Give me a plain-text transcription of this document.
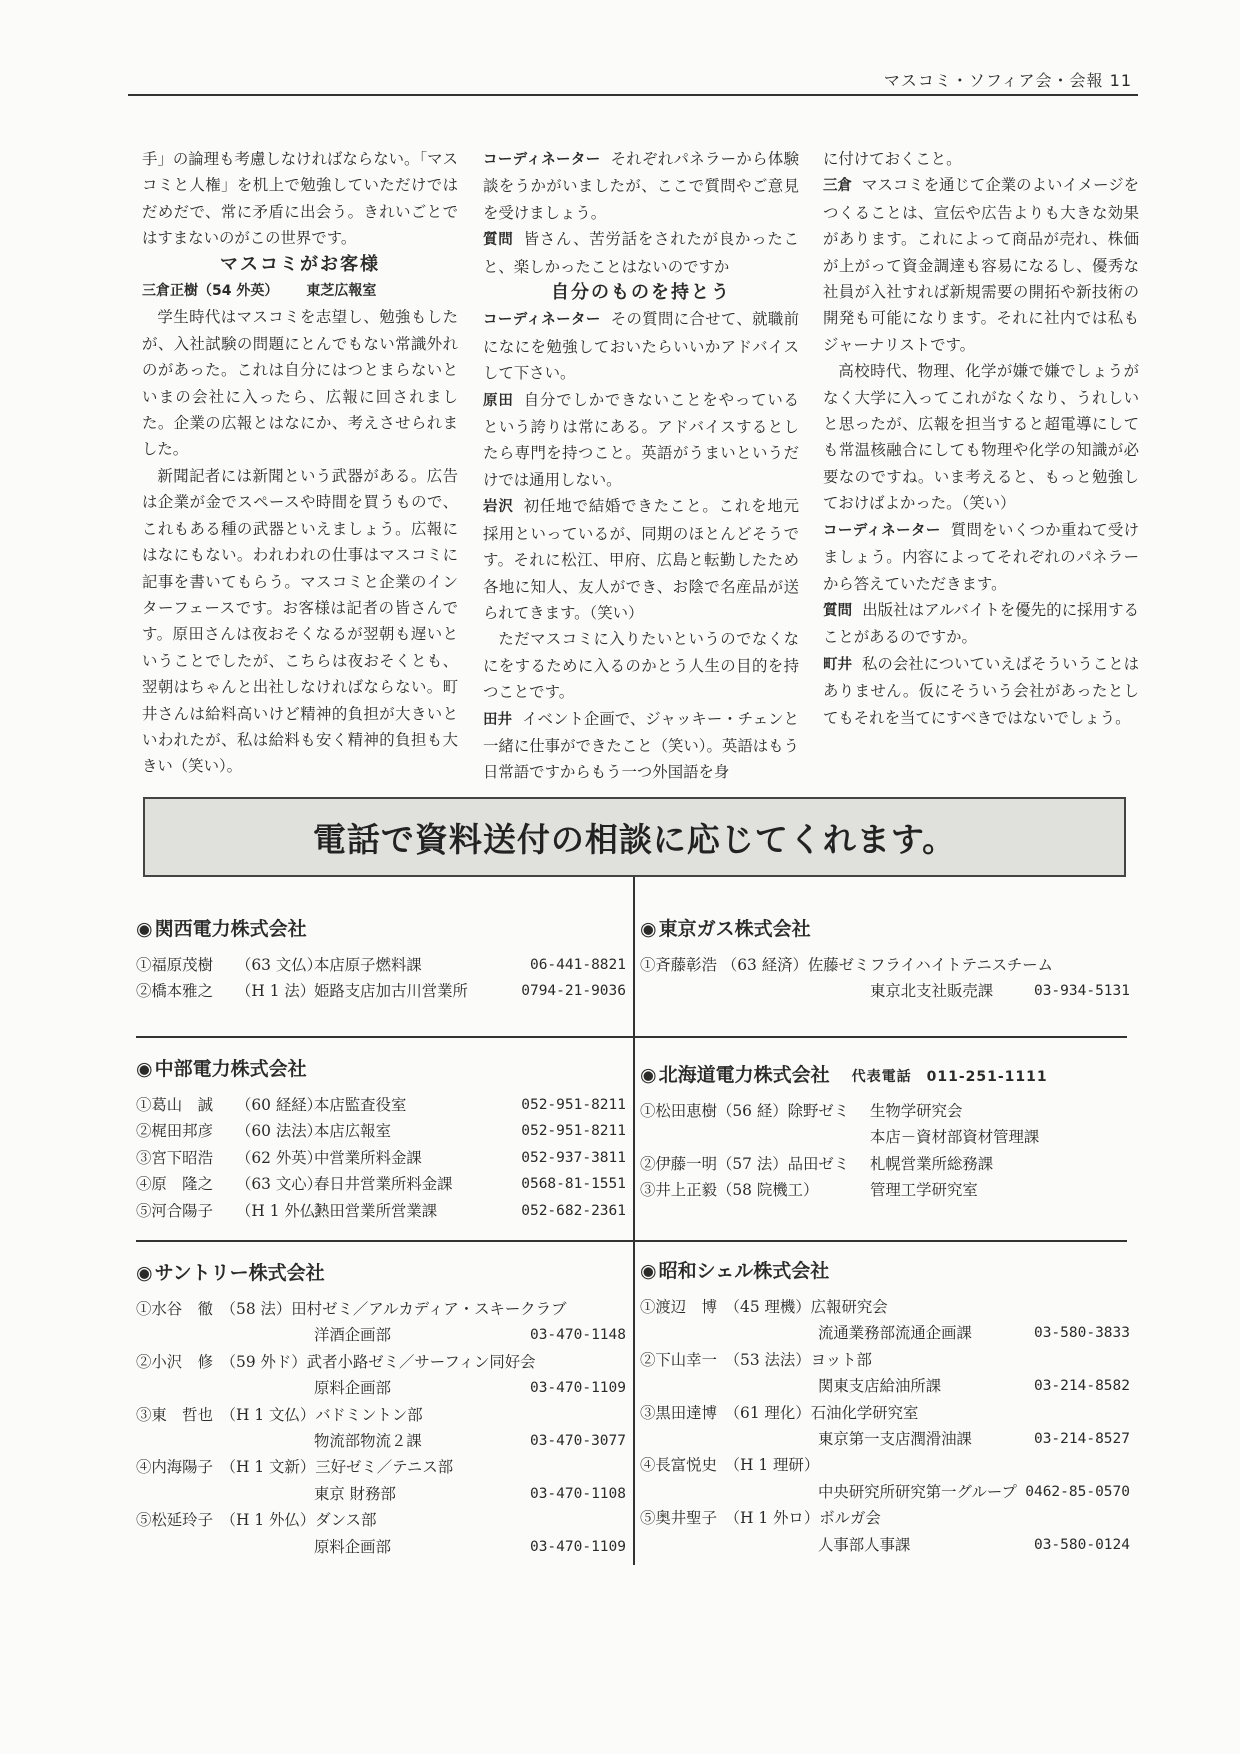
マスコミ・ソフィア会・会報 11

手」の論理も考慮しなければならない。「マスコミと人権」を机上で勉強していただけではだめだで、常に矛盾に出会う。きれいごとではすまないのがこの世界です。

マスコミがお客様

三倉正樹（54 外英） 東芝広報室

学生時代はマスコミを志望し、勉強もしたが、入社試験の問題にとんでもない常識外れのがあった。これは自分にはつとまらないといまの会社に入ったら、広報に回されました。企業の広報とはなにか、考えさせられました。

新聞記者には新聞という武器がある。広告は企業が金でスペースや時間を買うもので、これもある種の武器といえましょう。広報にはなにもない。われわれの仕事はマスコミに記事を書いてもらう。マスコミと企業のインターフェースです。お客様は記者の皆さんです。原田さんは夜おそくなるが翌朝も遅いということでしたが、こちらは夜おそくとも、翌朝はちゃんと出社しなければならない。町井さんは給料高いけど精神的負担が大きいといわれたが、私は給料も安く精神的負担も大きい（笑い）。

コーディネーター それぞれパネラーから体験談をうかがいましたが、ここで質問やご意見を受けましょう。

質問 皆さん、苦労話をされたが良かったこと、楽しかったことはないのですか

自分のものを持とう

コーディネーター その質問に合せて、就職前になにを勉強しておいたらいいかアドバイスして下さい。

原田 自分でしかできないことをやっているという誇りは常にある。アドバイスするとしたら専門を持つこと。英語がうまいというだけでは通用しない。

岩沢 初任地で結婚できたこと。これを地元採用といっているが、同期のほとんどそうです。それに松江、甲府、広島と転勤したため各地に知人、友人ができ、お陰で名産品が送られてきます。（笑い）

ただマスコミに入りたいというのでなくなにをするために入るのかとう人生の目的を持つことです。

田井 イベント企画で、ジャッキー・チェンと一緒に仕事ができたこと（笑い）。英語はもう日常語ですからもう一つ外国語を身

に付けておくこと。

三倉 マスコミを通じて企業のよいイメージをつくることは、宣伝や広告よりも大きな効果があります。これによって商品が売れ、株価が上がって資金調達も容易になるし、優秀な社員が入社すれば新規需要の開拓や新技術の開発も可能になります。それに社内では私もジャーナリストです。

高校時代、物理、化学が嫌で嫌でしょうがなく大学に入ってこれがなくなり、うれしいと思ったが、広報を担当すると超電導にしても常温核融合にしても物理や化学の知識が必要なのですね。いま考えると、もっと勉強しておけばよかった。（笑い）

コーディネーター 質問をいくつか重ねて受けましょう。内容によってそれぞれのパネラーから答えていただきます。

質問 出版社はアルバイトを優先的に採用することがあるのですか。

町井 私の会社についていえばそういうことはありません。仮にそういう会社があったとしてもそれを当てにすべきではないでしょう。

電話で資料送付の相談に応じてくれます。
◉ 関西電力株式会社
①福原茂樹	（63 文仏）
本店原子燃料課	06-441-8821
②橋本雅之	（H 1 法）
姫路支店加古川営業所	0794-21-9036
◉ 東京ガス株式会社
①斉藤彰浩 （63 経済）佐藤ゼミ フライハイトテニスチーム
東京北支社販売課	03-934-5131
◉ 中部電力株式会社
①葛山　誠	（60 経経）
本店監査役室	052-951-8211
②梶田邦彦	（60 法法）
本店広報室	052-951-8211
③宮下昭浩	（62 外英）
中営業所料金課	052-937-3811
④原　隆之	（63 文心）
春日井営業所料金課	0568-81-1551
⑤河合陽子	（H 1 外仏）
熱田営業所営業課	052-682-2361
◉ 北海道電力株式会社 代表電話　 011-251-1111
①松田恵樹（56 経）除野ゼミ	生物学研究会
本店－資材部資材管理課
②伊藤一明（57 法）品田ゼミ	札幌営業所総務課
③井上正毅（58 院機工）	管理工学研究室
◉ サントリー株式会社
①水谷　徹　（58 法）田村ゼミ／アルカディア・スキークラブ
洋酒企画部	03-470-1148
②小沢　修　（59 外ド）武者小路ゼミ／サーフィン同好会
原料企画部	03-470-1109
③東　哲也　（H 1 文仏）バドミントン部
物流部物流２課	03-470-3077
④内海陽子　（H 1 文新）三好ゼミ／テニス部
東京 財務部	03-470-1108
⑤松延玲子　（H 1 外仏）ダンス部
原料企画部	03-470-1109
◉ 昭和シェル株式会社
①渡辺　博　（45 理機）広報研究会
流通業務部流通企画課	03-580-3833
②下山幸一　（53 法法）ヨット部
関東支店給油所課	03-214-8582
③黒田達博　（61 理化）石油化学研究室
東京第一支店潤滑油課	03-214-8527
④長富悦史　（H 1 理研）
中央研究所研究第一グループ 0462-85-0570
⑤奥井聖子　（H 1 外ロ）ボルガ会
人事部人事課	03-580-0124
